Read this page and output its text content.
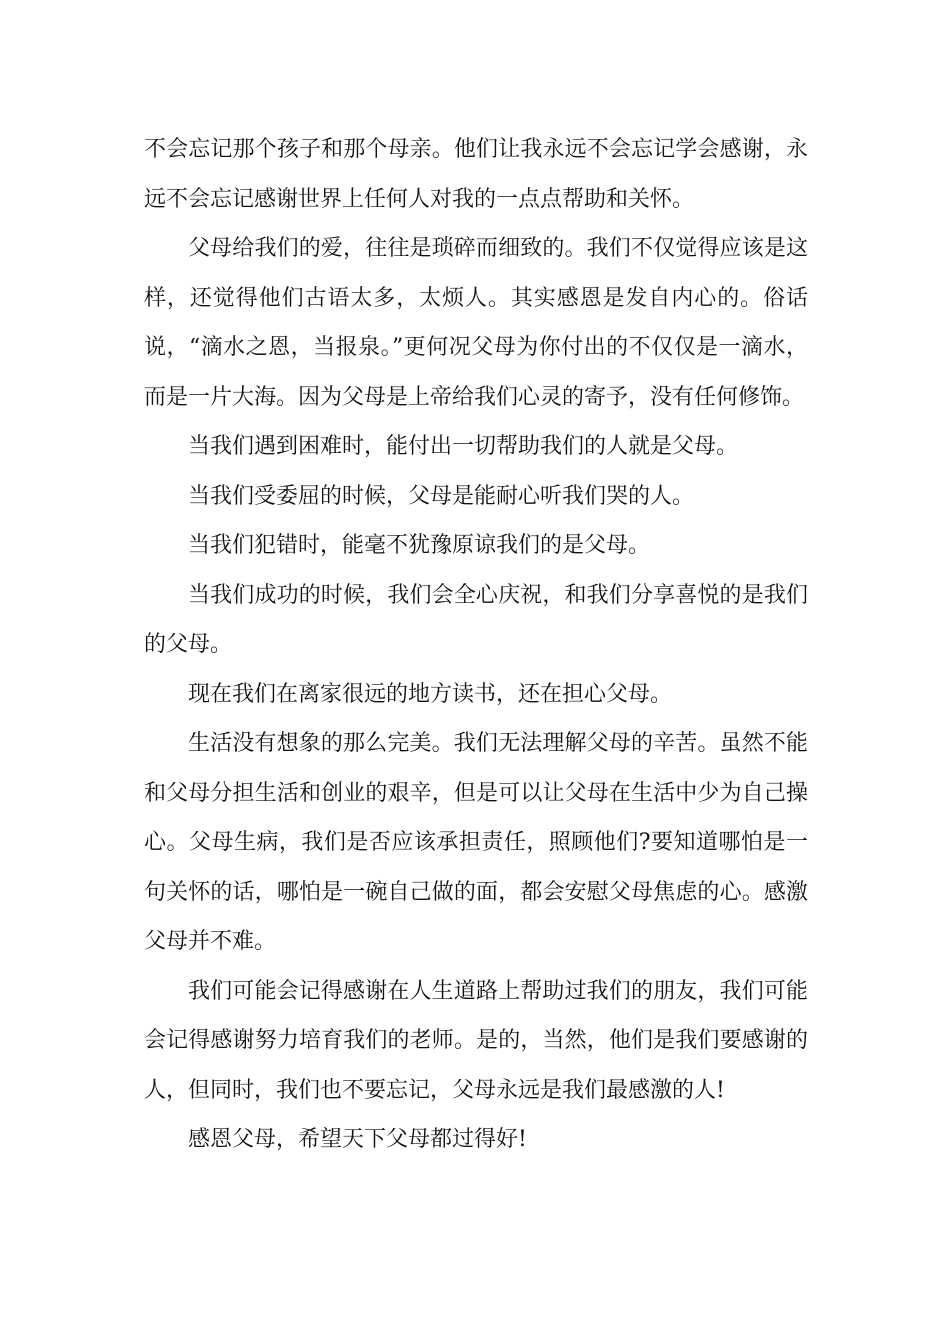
不会忘记那个孩子和那个母亲。他们让我永远不会忘记学会感谢，永远不会忘记感谢世界上任何人对我的一点点帮助和关怀。

父母给我们的爱，往往是琐碎而细致的。我们不仅觉得应该是这样，还觉得他们古语太多，太烦人。其实感恩是发自内心的。俗话说，“滴水之恩，当报泉。”更何况父母为你付出的不仅仅是一滴水，而是一片大海。因为父母是上帝给我们心灵的寄予，没有任何修饰。

当我们遇到困难时，能付出一切帮助我们的人就是父母。

当我们受委屈的时候，父母是能耐心听我们哭的人。

当我们犯错时，能毫不犹豫原谅我们的是父母。

当我们成功的时候，我们会全心庆祝，和我们分享喜悦的是我们的父母。

现在我们在离家很远的地方读书，还在担心父母。

生活没有想象的那么完美。我们无法理解父母的辛苦。虽然不能和父母分担生活和创业的艰辛，但是可以让父母在生活中少为自己操心。父母生病，我们是否应该承担责任，照顾他们?要知道哪怕是一句关怀的话，哪怕是一碗自己做的面，都会安慰父母焦虑的心。感激父母并不难。

我们可能会记得感谢在人生道路上帮助过我们的朋友，我们可能会记得感谢努力培育我们的老师。是的，当然，他们是我们要感谢的人，但同时，我们也不要忘记，父母永远是我们最感激的人!

感恩父母，希望天下父母都过得好!
